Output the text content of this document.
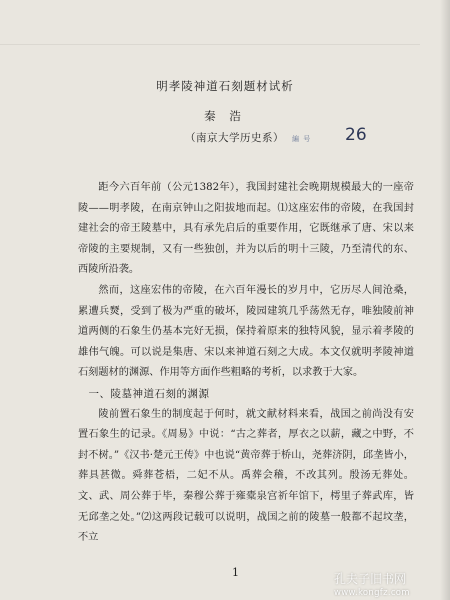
明孝陵神道石刻题材试析
秦 浩
（南京大学历史系） 編 号 26

距今六百年前（公元1382年），我国封建社会晚期规模最大的一座帝陵——明孝陵，在南京钟山之阳拔地而起。⑴这座宏伟的帝陵，在我国封建社会的帝王陵墓中，具有承先启后的重要作用，它既继承了唐、宋以来帝陵的主要规制，又有一些独创，并为以后的明十三陵，乃至清代的东、西陵所沿袭。

然而，这座宏伟的帝陵，在六百年漫长的岁月中，它历尽人间沧桑，累遭兵燹，受到了极为严重的破坏，陵园建筑几乎荡然无存，唯独陵前神道两侧的石象生仍基本完好无损，保持着原来的独特风貌，显示着孝陵的雄伟气魄。可以说是集唐、宋以来神道石刻之大成。本文仅就明孝陵神道石刻题材的渊源、作用等方面作些粗略的考析，以求教于大家。

一、陵墓神道石刻的渊源

陵前置石象生的制度起于何时，就文献材料来看，战国之前尚没有安置石象生的记录。《周易》中说：“古之葬者，厚衣之以薪，藏之中野，不封不树。”《汉书·楚元王传》中也说“黄帝葬于桥山，尧葬济阴，邱垄皆小，葬具甚微。舜葬苍梧，二妃不从。禹葬会稽，不改其列。殷汤无葬处。文、武、周公葬于毕，秦穆公葬于雍橐泉宫祈年馆下，樗里子葬武库，皆无邱垄之处。”⑵这两段记载可以说明，战国之前的陵墓一般都不起坟垄，不立

1	孔夫子旧书网
www.kongfz.com
